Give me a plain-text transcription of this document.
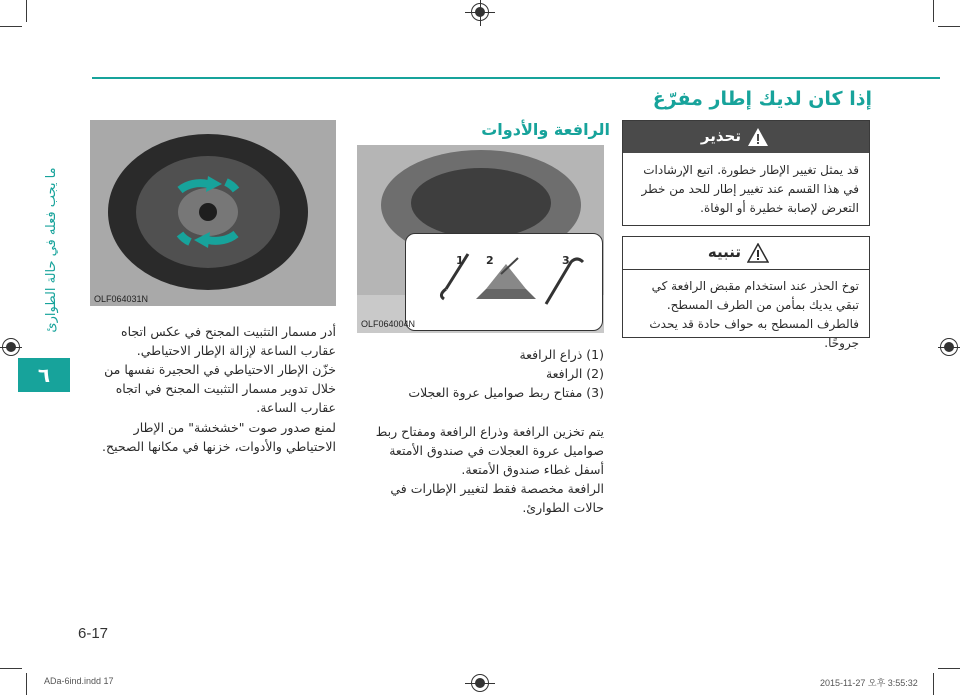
ما يجب فعله في حالة الطوارئ
٦
إذا كان لديك إطار مفرّغ
تحذير
قد يمثل تغيير الإطار خطورة. اتبع الإرشادات في هذا القسم عند تغيير إطار للحد من خطر التعرض لإصابة خطيرة أو الوفاة.
تنبيه
توخ الحذر عند استخدام مقبض الرافعة كي تبقي يديك بمأمن من الطرف المسطح. فالطرف المسطح به حواف حادة قد يحدث جروحًا.
الرافعة والأدوات
1 2	3
OLF064004N
(1) ذراع الرافعة
(2) الرافعة
(3) مفتاح ربط صواميل عروة العجلات
يتم تخزين الرافعة وذراع الرافعة ومفتاح ربط صواميل عروة العجلات في صندوق الأمتعة أسفل غطاء صندوق الأمتعة.
الرافعة مخصصة فقط لتغيير الإطارات في حالات الطوارئ.
OLF064031N
أدر مسمار التثبيت المجنح في عكس اتجاه عقارب الساعة لإزالة الإطار الاحتياطي.
خزّن الإطار الاحتياطي في الحجيرة نفسها من خلال تدوير مسمار التثبيت المجنح في اتجاه عقارب الساعة.
لمنع صدور صوت "خشخشة" من الإطار الاحتياطي والأدوات، خزنها في مكانها الصحيح.
6-17
ADa-6ind.indd 17	2015-11-27 오후 3:55:32
